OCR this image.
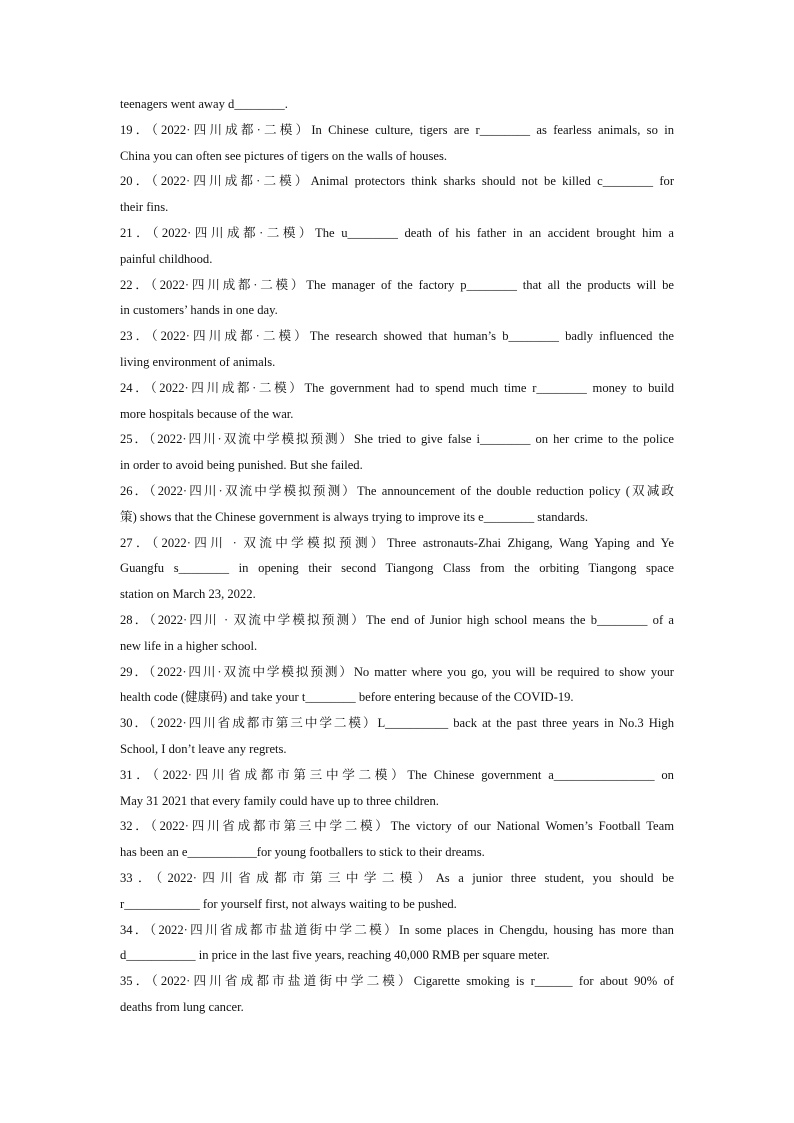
teenagers went away d________.
19．（2022·四川成都·二模）In Chinese culture, tigers are r________ as fearless animals, so in
China you can often see pictures of tigers on the walls of houses.
20．（2022·四川成都·二模）Animal protectors think sharks should not be killed c________ for
their fins.
21．（2022·四川成都·二模）The u________ death of his father in an accident brought him a
painful childhood.
22．（2022·四川成都·二模）The manager of the factory p________ that all the products will be
in customers’ hands in one day.
23．（2022·四川成都·二模）The research showed that human’s b________ badly influenced the
living environment of animals.
24．（2022·四川成都·二模）The government had to spend much time r________ money to build
more hospitals because of the war.
25．（2022·四川·双流中学模拟预测）She tried to give false i________ on her crime to the police
in order to avoid being punished. But she failed.
26．（2022·四川·双流中学模拟预测）The announcement of the double reduction policy (双减政
策) shows that the Chinese government is always trying to improve its e________ standards.
27．（2022·四川 · 双流中学模拟预测）Three astronauts-Zhai Zhigang, Wang Yaping and Ye
Guangfu s________ in opening their second Tiangong Class from the orbiting Tiangong space
station on March 23, 2022.
28．（2022·四川 · 双流中学模拟预测）The end of Junior high school means the b________ of a
new life in a higher school.
29．（2022·四川·双流中学模拟预测）No matter where you go, you will be required to show your
health code (健康码) and take your t________ before entering because of the COVID-19.
30．（2022·四川省成都市第三中学二模）L__________ back at the past three years in No.3 High
School, I don’t leave any regrets.
31．（2022·四川省成都市第三中学二模）The Chinese government a________________ on
May 31 2021 that every family could have up to three children.
32．（2022·四川省成都市第三中学二模）The victory of our National Women’s Football Team
has been an e___________for young footballers to stick to their dreams.
33．（2022·四川省成都市第三中学二模）As a junior three student, you should be
r____________ for yourself first, not always waiting to be pushed.
34．（2022·四川省成都市盐道街中学二模）In some places in Chengdu, housing has more than
d___________ in price in the last five years, reaching 40,000 RMB per square meter.
35．（2022·四川省成都市盐道街中学二模）Cigarette smoking is r______ for about 90% of
deaths from lung cancer.
